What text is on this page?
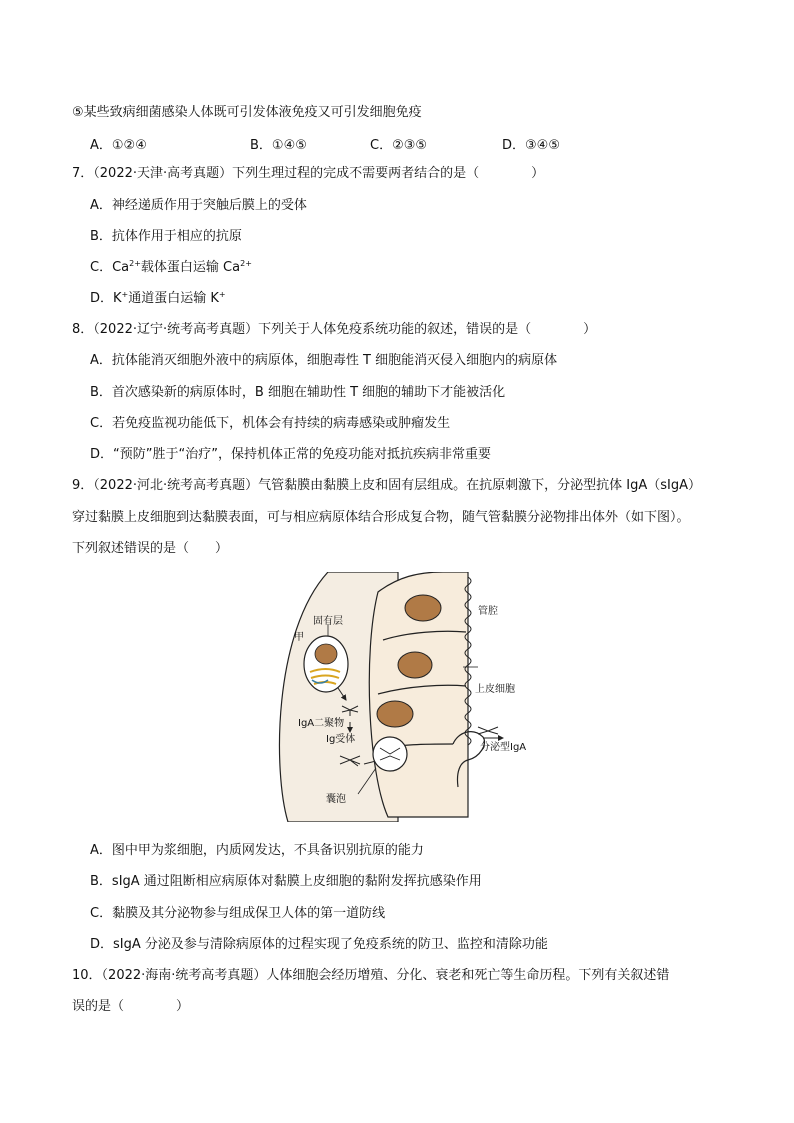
⑤某些致病细菌感染人体既可引发体液免疫又可引发细胞免疫
A．①②④	B．①④⑤	C．②③⑤	D．③④⑤
7．（2022·天津·高考真题）下列生理过程的完成不需要两者结合的是（　　　　）
A．神经递质作用于突触后膜上的受体
B．抗体作用于相应的抗原
C．$Ca^{2+}$载体蛋白运输 $Ca^{2+}$
D．K+通道蛋白运输 K+
8．（2022·辽宁·统考高考真题）下列关于人体免疫系统功能的叙述，错误的是（　　　　）
A．抗体能消灭细胞外液中的病原体，细胞毒性 T 细胞能消灭侵入细胞内的病原体
B．首次感染新的病原体时，B 细胞在辅助性 T 细胞的辅助下才能被活化
C．若免疫监视功能低下，机体会有持续的病毒感染或肿瘤发生
D．“预防”胜于“治疗”，保持机体正常的免疫功能对抵抗疾病非常重要
9．（2022·河北·统考高考真题）气管黏膜由黏膜上皮和固有层组成。在抗原刺激下，分泌型抗体 IgA（sIgA）
穿过黏膜上皮细胞到达黏膜表面，可与相应病原体结合形成复合物，随气管黏膜分泌物排出体外（如下图）。
下列叙述错误的是（　　）
固有层
甲
管腔
上皮细胞
IgA二聚物
Ig受体
囊泡
分泌型IgA
A．图中甲为浆细胞，内质网发达，不具备识别抗原的能力
B．sIgA 通过阻断相应病原体对黏膜上皮细胞的黏附发挥抗感染作用
C．黏膜及其分泌物参与组成保卫人体的第一道防线
D．sIgA 分泌及参与清除病原体的过程实现了免疫系统的防卫、监控和清除功能
10．（2022·海南·统考高考真题）人体细胞会经历增殖、分化、衰老和死亡等生命历程。下列有关叙述错
误的是（　　　　）
